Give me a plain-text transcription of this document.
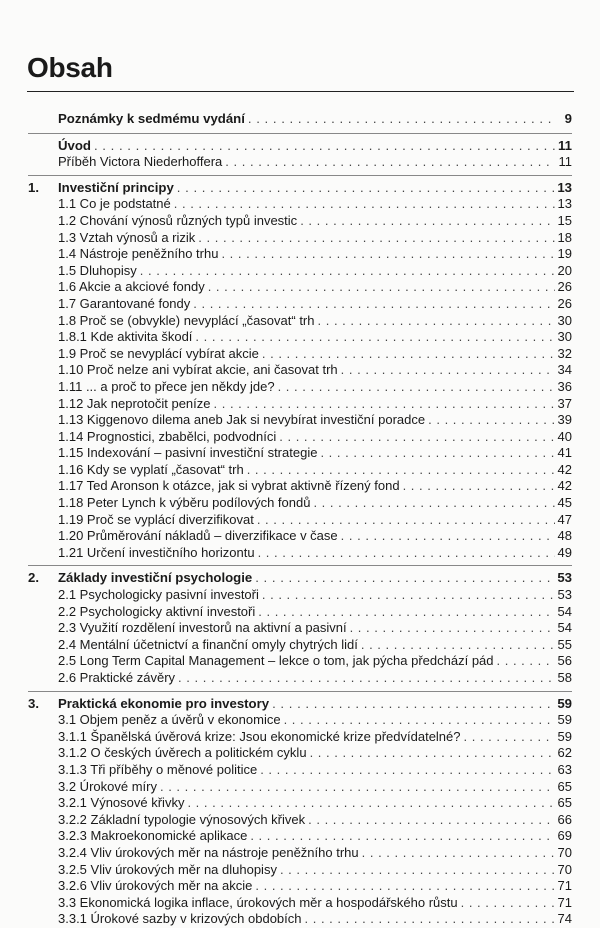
Obsah
Poznámky k sedmému vydání . . .	9
Úvod . . .	11
Příběh Victora Niederhoffera . . .	11
1.	Investiční principy . . .	13
1.1 Co je podstatné . . .	13
1.2 Chování výnosů různých typů investic . . .	15
1.3 Vztah výnosů a rizik . . .	18
1.4 Nástroje peněžního trhu . . .	19
1.5 Dluhopisy . . .	20
1.6 Akcie a akciové fondy . . .	26
1.7 Garantované fondy . . .	26
1.8 Proč se (obvykle) nevyplácí „časovat“ trh . . .	30
1.8.1 Kde aktivita škodí . . .	30
1.9 Proč se nevyplácí vybírat akcie . . .	32
1.10 Proč nelze ani vybírat akcie, ani časovat trh . . .	34
1.11 ... a proč to přece jen někdy jde? . . .	36
1.12 Jak neprotočit peníze . . .	37
1.13 Kiggenovo dilema aneb Jak si nevybírat investiční poradce . . .	39
1.14 Prognostici, zbabělci, podvodníci . . .	40
1.15 Indexování – pasivní investiční strategie . . .	41
1.16 Kdy se vyplatí „časovat“ trh . . .	42
1.17 Ted Aronson k otázce, jak si vybrat aktivně řízený fond . . .	42
1.18 Peter Lynch k výběru podílových fondů . . .	45
1.19 Proč se vyplácí diverzifikovat . . .	47
1.20 Průměrování nákladů – diverzifikace v čase . . .	48
1.21 Určení investičního horizontu . . .	49
2.	Základy investiční psychologie . . .	53
2.1 Psychologicky pasivní investoři . . .	53
2.2 Psychologicky aktivní investoři . . .	54
2.3 Využití rozdělení investorů na aktivní a pasivní . . .	54
2.4 Mentální účetnictví a finanční omyly chytrých lidí . . .	55
2.5 Long Term Capital Management – lekce o tom, jak pýcha předchází pád . . .	56
2.6 Praktické závěry . . .	58
3.	Praktická ekonomie pro investory . . .	59
3.1 Objem peněz a úvěrů v ekonomice . . .	59
3.1.1 Španělská úvěrová krize: Jsou ekonomické krize předvídatelné? . . .	59
3.1.2 O českých úvěrech a politickém cyklu . . .	62
3.1.3 Tři příběhy o měnové politice . . .	63
3.2 Úrokové míry . . .	65
3.2.1 Výnosové křivky . . .	65
3.2.2 Základní typologie výnosových křivek . . .	66
3.2.3 Makroekonomické aplikace . . .	69
3.2.4 Vliv úrokových měr na nástroje peněžního trhu . . .	70
3.2.5 Vliv úrokových měr na dluhopisy . . .	70
3.2.6 Vliv úrokových měr na akcie . . .	71
3.3 Ekonomická logika inflace, úrokových měr a hospodářského růstu . . .	71
3.3.1 Úrokové sazby v krizových obdobích . . .	74
